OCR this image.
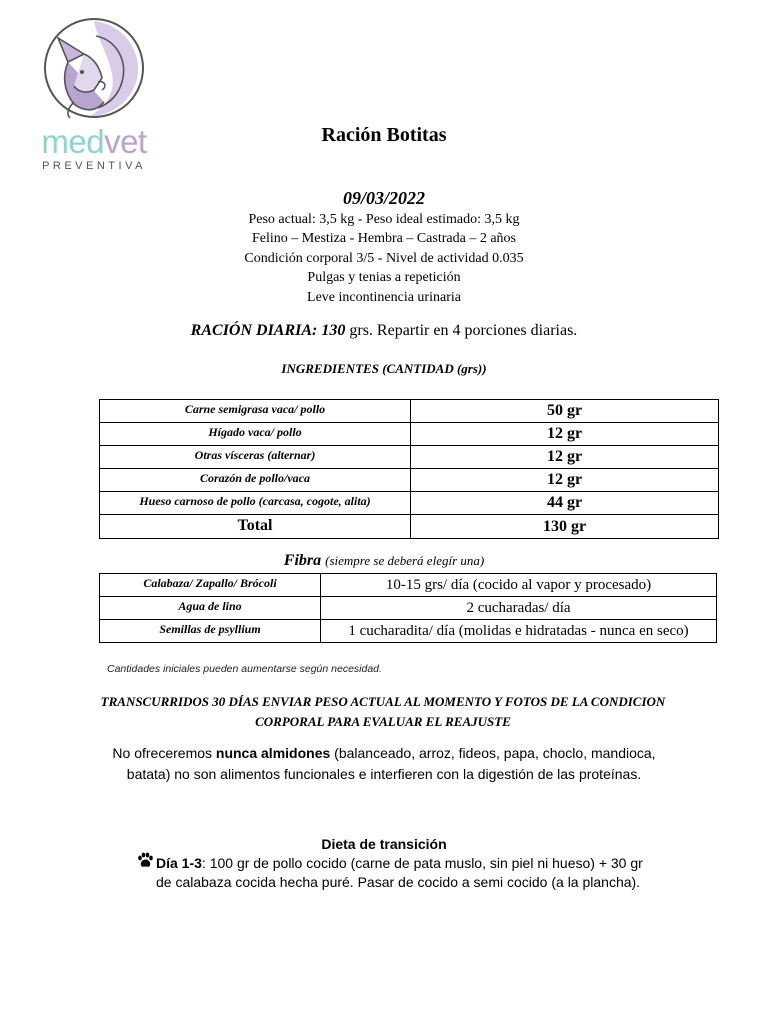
medvet
PREVENTIVA
Ración Botitas
09/03/2022
Peso actual: 3,5 kg - Peso ideal estimado: 3,5 kg
Felino – Mestiza - Hembra – Castrada – 2 años
Condición corporal 3/5 - Nivel de actividad 0.035
Pulgas y tenias a repetición
Leve incontinencia urinaria
RACIÓN DIARIA: 130 grs. Repartir en 4 porciones diarias.
INGREDIENTES (CANTIDAD (grs))
Carne semigrasa vaca/ pollo	50 gr
Hígado vaca/ pollo	12 gr
Otras vísceras (alternar)	12 gr
Corazón de pollo/vaca	12 gr
Hueso carnoso de pollo (carcasa, cogote, alita)	44 gr
Total	130 gr
Fibra (siempre se deberá elegír una)
Calabaza/ Zapallo/ Brócoli	10-15 grs/ día (cocido al vapor y procesado)
Agua de lino	2 cucharadas/ día
Semillas de psyllium	1 cucharadita/ día (molidas e hidratadas - nunca en seco)
Cantidades iniciales pueden aumentarse según necesidad.
TRANSCURRIDOS 30 DÍAS ENVIAR PESO ACTUAL AL MOMENTO Y FOTOS DE LA CONDICION CORPORAL PARA EVALUAR EL REAJUSTE
No ofreceremos nunca almidones (balanceado, arroz, fideos, papa, choclo, mandioca, batata) no son alimentos funcionales e interfieren con la digestión de las proteínas.
Dieta de transición
Día 1-3: 100 gr de pollo cocido (carne de pata muslo, sin piel ni hueso) + 30 gr de calabaza cocida hecha puré. Pasar de cocido a semi cocido (a la plancha).
